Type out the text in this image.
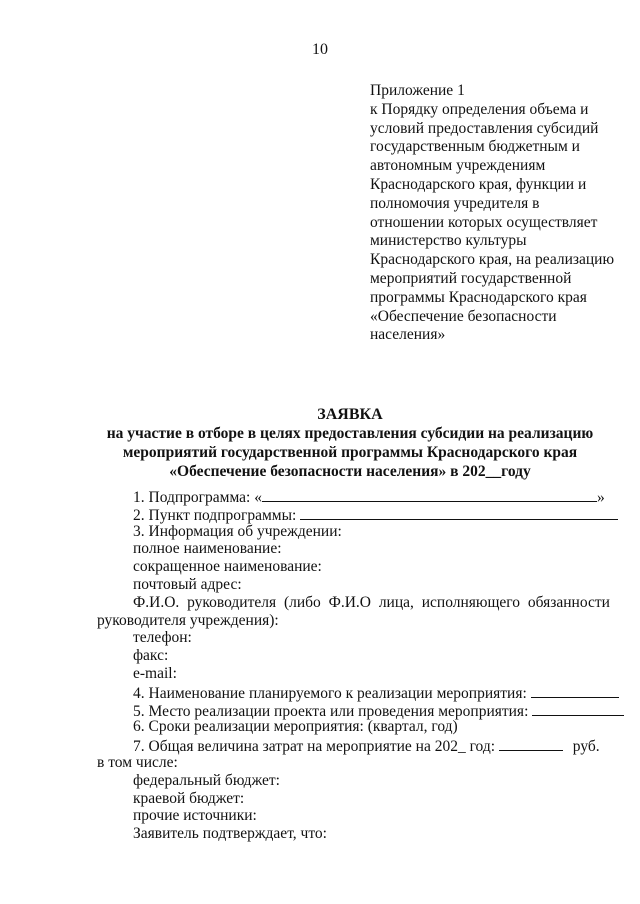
10
Приложение 1
к Порядку определения объема и
условий предоставления субсидий
государственным бюджетным и
автономным учреждениям
Краснодарского края, функции и
полномочия учредителя в
отношении которых осуществляет
министерство культуры
Краснодарского края, на реализацию
мероприятий государственной
программы Краснодарского края
«Обеспечение безопасности
населения»
ЗАЯВКА
на участие в отборе в целях предоставления субсидии на реализацию
мероприятий государственной программы Краснодарского края
«Обеспечение безопасности населения» в 202__году
1. Подпрограмма: «	»
2. Пункт подпрограммы:
3. Информация об учреждении:
полное наименование:
сокращенное наименование:
почтовый адрес:
Ф.И.О. руководителя (либо Ф.И.О лица, исполняющего обязанности
руководителя учреждения):
телефон:
факс:
e-mail:
4. Наименование планируемого к реализации мероприятия:
5. Место реализации проекта или проведения мероприятия:
6. Сроки реализации мероприятия: (квартал, год)
7. Общая величина затрат на мероприятие на 202_ год:	руб.
в том числе:
федеральный бюджет:
краевой бюджет:
прочие источники:
Заявитель подтверждает, что:
